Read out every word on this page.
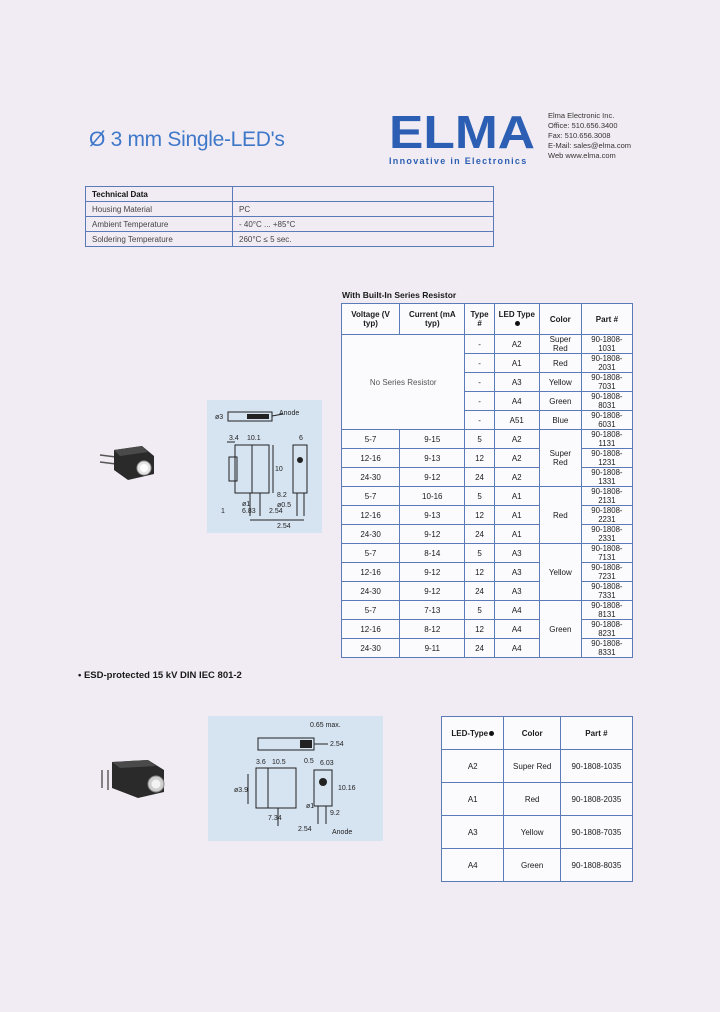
Ø 3 mm Single-LED's ELMA
Innovative in Electronics
Elma Electronic Inc.
Office: 510.656.3400
Fax: 510.656.3008
E-Mail: sales@elma.com
Web www.elma.com
Technical Data	
Housing Material	PC
Ambient Temperature	- 40°C ... +85°C
Soldering Temperature	260°C ≤ 5 sec.
With Built-In Series Resistor
Voltage (V typ)	Current (mA typ)	Type #	LED Type	Color	Part #
No Series Resistor		-	A2	Super Red	90-1808-1031
		-	A1	Red	90-1808-2031
		-	A3	Yellow	90-1808-7031
		-	A4	Green	90-1808-8031
		-	A51	Blue	90-1808-6031
5-7	9-15	5	A2	Super Red	90-1808-1131
12-16	9-13	12	A2		90-1808-1231
24-30	9-12	24	A2		90-1808-1331
5-7	10-16	5	A1	Red	90-1808-2131
12-16	9-13	12	A1		90-1808-2231
24-30	9-12	24	A1		90-1808-2331
5-7	8-14	5	A3	Yellow	90-1808-7131
12-16	9-12	12	A3		90-1808-7231
24-30	9-12	24	A3		90-1808-7331
5-7	7-13	5	A4	Green	90-1808-8131
12-16	8-12	12	A4		90-1808-8231
24-30	9-11	24	A4		90-1808-8331
• ESD-protected 15 kV DIN IEC 801-2
LED-Type	Color	Part #
A2	Super Red	90-1808-1035
A1	Red	90-1808-2035
A3	Yellow	90-1808-7035
A4	Green	90-1808-8035
Anode
ø3
3.4 10.1	6
10
8.2
ø0.5
ø1
6.83 2.54
2.54
1
0.65 max.
2.54
3.6 10.5	0.5 6.03
ø3.9	10.16
ø1
9.2
7.34
2.54	Anode
